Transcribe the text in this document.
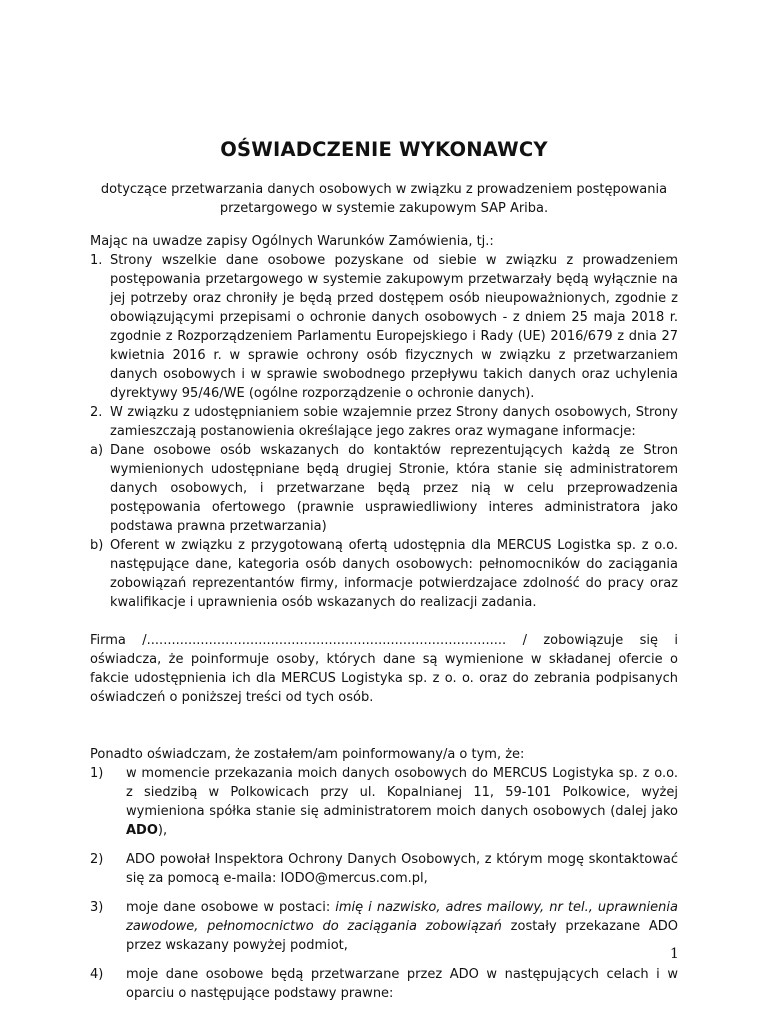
OŚWIADCZENIE WYKONAWCY
dotyczące przetwarzania danych osobowych w związku z prowadzeniem postępowania
przetargowego w systemie zakupowym SAP Ariba.

Mając na uwadze zapisy Ogólnych Warunków Zamówienia, tj.:

1. Strony wszelkie dane osobowe pozyskane od siebie w związku z prowadzeniem postępowania przetargowego w systemie zakupowym przetwarzały będą wyłącznie na jej potrzeby oraz chroniły je będą przed dostępem osób nieupoważnionych, zgodnie z obowiązującymi przepisami o ochronie danych osobowych - z dniem 25 maja 2018 r. zgodnie z Rozporządzeniem Parlamentu Europejskiego i Rady (UE) 2016/679 z dnia 27 kwietnia 2016 r. w sprawie ochrony osób fizycznych w związku z przetwarzaniem danych osobowych i w sprawie swobodnego przepływu takich danych oraz uchylenia dyrektywy 95/46/WE (ogólne rozporządzenie o ochronie danych).
2. W związku z udostępnianiem sobie wzajemnie przez Strony danych osobowych, Strony zamieszczają postanowienia określające jego zakres oraz wymagane informacje:
a) Dane osobowe osób wskazanych do kontaktów reprezentujących każdą ze Stron wymienionych udostępniane będą drugiej Stronie, która stanie się administratorem danych osobowych, i przetwarzane będą przez nią w celu przeprowadzenia postępowania ofertowego (prawnie usprawiedliwiony interes administratora jako podstawa prawna przetwarzania)
b) Oferent w związku z przygotowaną ofertą udostępnia dla MERCUS Logistka sp. z o.o. następujące dane, kategoria osób danych osobowych: pełnomocników do zaciągania zobowiązań reprezentantów firmy, informacje potwierdzajace zdolność do pracy oraz kwalifikacje i uprawnienia osób wskazanych do realizacji zadania.

Firma /....................................................................................... / zobowiązuje się i oświadcza, że poinformuje osoby, których dane są wymienione w składanej ofercie o fakcie udostępnienia ich dla MERCUS Logistyka sp. z o. o. oraz do zebrania podpisanych oświadczeń o poniższej treści od tych osób.

Ponadto oświadczam, że zostałem/am poinformowany/a o tym, że:

1)	w momencie przekazania moich danych osobowych do MERCUS Logistyka sp. z o.o. z siedzibą w Polkowicach przy ul. Kopalnianej 11, 59-101 Polkowice, wyżej wymieniona spółka stanie się administratorem moich danych osobowych (dalej jako ADO),
2)	ADO powołał Inspektora Ochrony Danych Osobowych, z którym mogę skontaktować się za pomocą e-maila: IODO@mercus.com.pl,
3)	moje dane osobowe w postaci: imię i nazwisko, adres mailowy, nr tel., uprawnienia zawodowe, pełnomocnictwo do zaciągania zobowiązań zostały przekazane ADO przez wskazany powyżej podmiot,
4)	moje dane osobowe będą przetwarzane przez ADO w następujących celach i w oparciu o następujące podstawy prawne:
1
